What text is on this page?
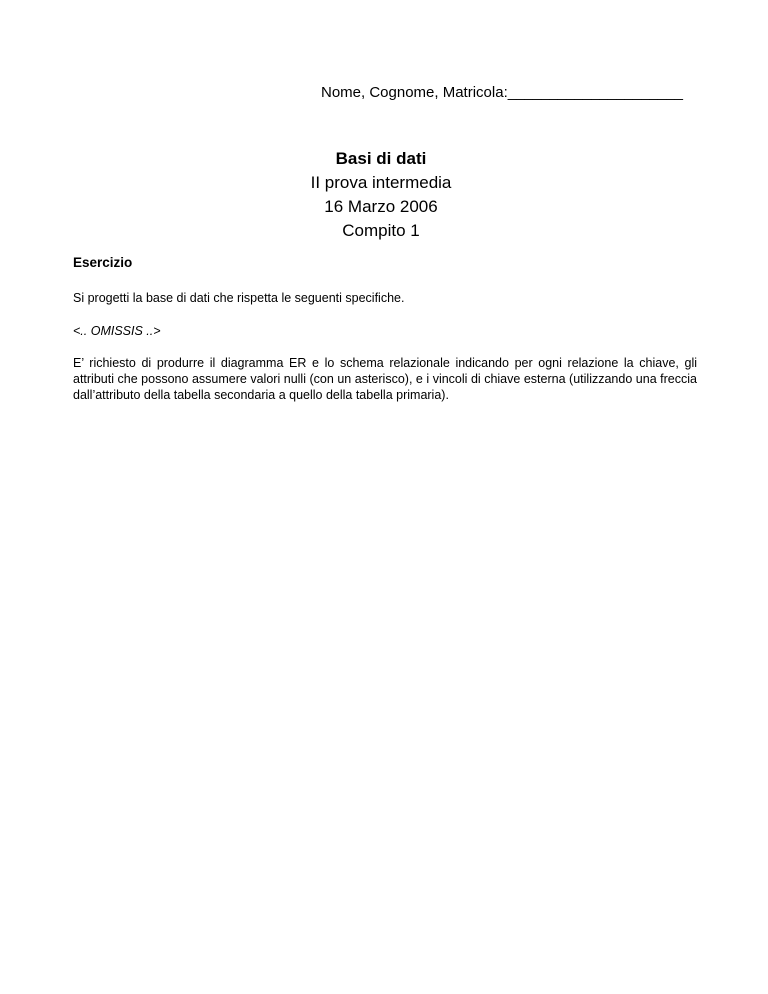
Nome, Cognome, Matricola:_____________________
Basi di dati
II prova intermedia
16 Marzo 2006
Compito 1
Esercizio
Si progetti la base di dati che rispetta le seguenti specifiche.
<.. OMISSIS ..>
E’ richiesto di produrre il diagramma ER e lo schema relazionale indicando per ogni relazione la chiave, gli attributi che possono assumere valori nulli (con un asterisco), e i vincoli di chiave esterna (utilizzando una freccia dall’attributo della tabella secondaria a quello della tabella primaria).
